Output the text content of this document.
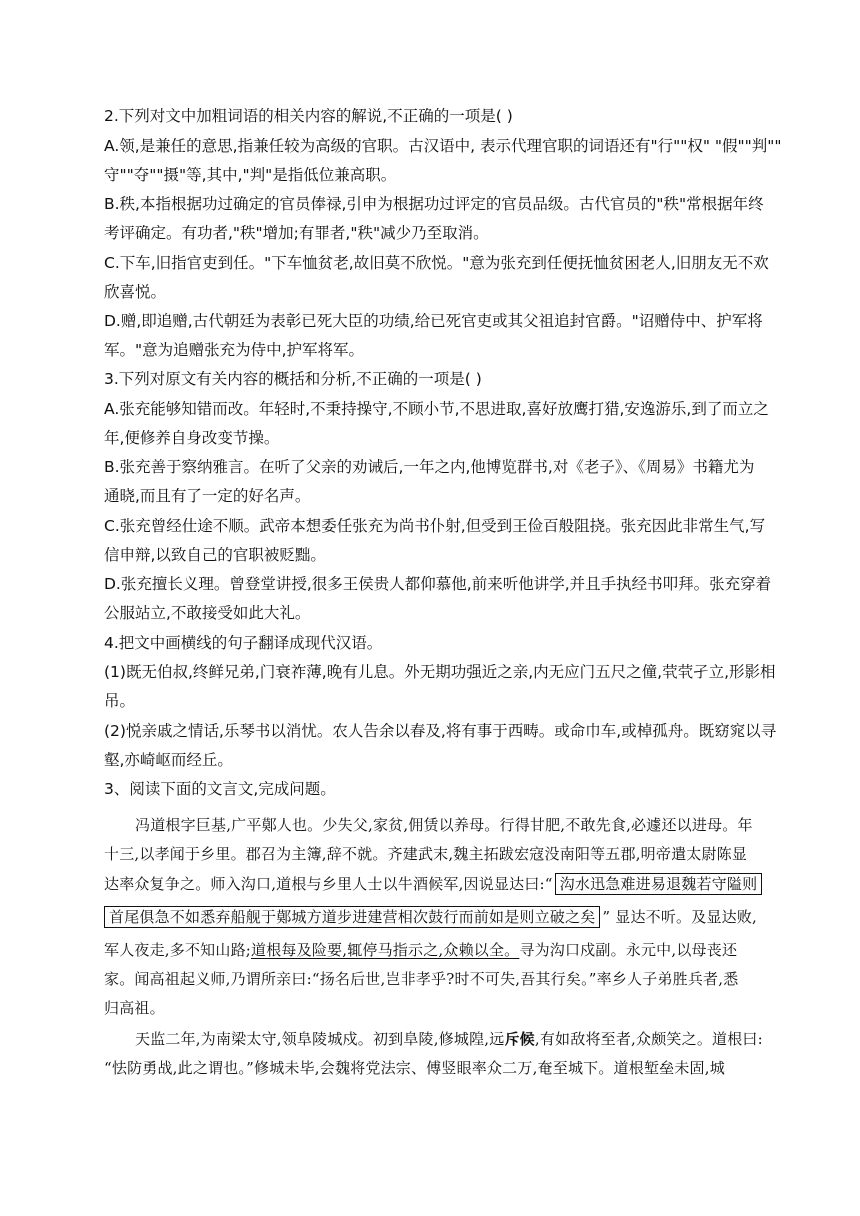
2.下列对文中加粗词语的相关内容的解说,不正确的一项是( )
A.领,是兼任的意思,指兼任较为高级的官职。古汉语中, 表示代理官职的词语还有"行""权" "假""判""
守""夺""摄"等,其中,"判"是指低位兼高职。
B.秩,本指根据功过确定的官员俸禄,引申为根据功过评定的官员品级。古代官员的"秩"常根据年终
考评确定。有功者,"秩"增加;有罪者,"秩"减少乃至取消。
C.下车,旧指官吏到任。"下车恤贫老,故旧莫不欣悦。"意为张充到任便抚恤贫困老人,旧朋友无不欢
欣喜悦。
D.赠,即追赠,古代朝廷为表彰已死大臣的功绩,给已死官吏或其父祖追封官爵。"诏赠侍中、护军将
军。"意为追赠张充为侍中,护军将军。
3.下列对原文有关内容的概括和分析,不正确的一项是( )
A.张充能够知错而改。年轻时,不秉持操守,不顾小节,不思进取,喜好放鹰打猎,安逸游乐,到了而立之
年,便修养自身改变节操。
B.张充善于察纳雅言。在听了父亲的劝诫后,一年之内,他博览群书,对《老子》、《周易》书籍尤为
通晓,而且有了一定的好名声。
C.张充曾经仕途不顺。武帝本想委任张充为尚书仆射,但受到王俭百般阻挠。张充因此非常生气,写
信申辩,以致自己的官职被贬黜。
D.张充擅长义理。曾登堂讲授,很多王侯贵人都仰慕他,前来听他讲学,并且手执经书叩拜。张充穿着
公服站立,不敢接受如此大礼。
4.把文中画横线的句子翻译成现代汉语。
(1)既无伯叔,终鲜兄弟,门衰祚薄,晚有儿息。外无期功强近之亲,内无应门五尺之僮,茕茕孑立,形影相
吊。
(2)悦亲戚之情话,乐琴书以消忧。农人告余以春及,将有事于西畴。或命巾车,或棹孤舟。既窈窕以寻
壑,亦崎岖而经丘。
3、阅读下面的文言文,完成问题。
冯道根字巨基,广平鄚人也。少失父,家贫,佣赁以养母。行得甘肥,不敢先食,必遽还以进母。年
十三,以孝闻于乡里。郡召为主簿,辞不就。齐建武末,魏主拓跋宏寇没南阳等五郡,明帝遣太尉陈显
达率众复争之。师入沟口,道根与乡里人士以牛酒候军,因说显达曰:“ 沟水迅急难进易退魏若守隘则
首尾俱急不如悉弃船舰于鄚城方道步进建营相次鼓行而前如是则立破之矣 ” 显达不听。及显达败,
军人夜走,多不知山路;道根每及险要,辄停马指示之,众赖以全。寻为沟口戍副。永元中,以母丧还
家。闻高祖起义师,乃谓所亲曰:“扬名后世,岂非孝乎?时不可失,吾其行矣。”率乡人子弟胜兵者,悉
归高祖。
天监二年,为南梁太守,领阜陵城戍。初到阜陵,修城隍,远斥候,有如敌将至者,众颇笑之。道根曰:
“怯防勇战,此之谓也。”修城未毕,会魏将党法宗、傅竖眼率众二万,奄至城下。道根堑垒未固,城
